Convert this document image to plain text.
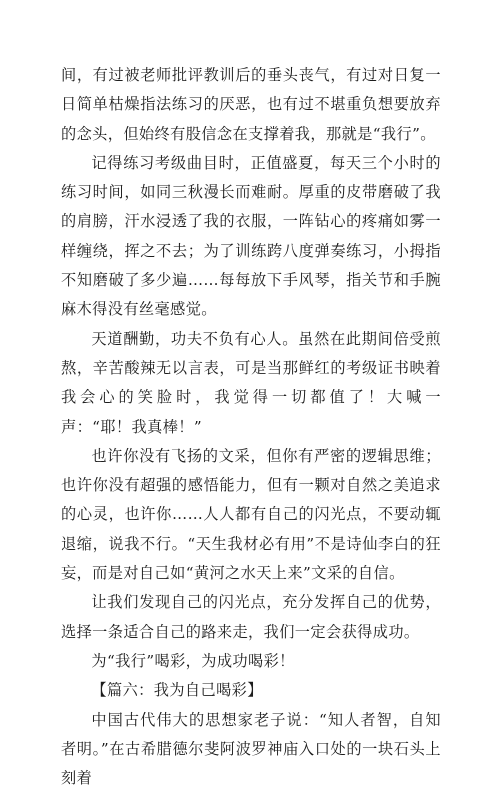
间，有过被老师批评教训后的垂头丧气，有过对日复一日简单枯燥指法练习的厌恶，也有过不堪重负想要放弃的念头，但始终有股信念在支撑着我，那就是“我行”。

记得练习考级曲目时，正值盛夏，每天三个小时的练习时间，如同三秋漫长而难耐。厚重的皮带磨破了我的肩膀，汗水浸透了我的衣服，一阵钻心的疼痛如雾一样缠绕，挥之不去；为了训练跨八度弹奏练习，小拇指不知磨破了多少遍……每每放下手风琴，指关节和手腕麻木得没有丝毫感觉。

天道酬勤，功夫不负有心人。虽然在此期间倍受煎熬，辛苦酸辣无以言表，可是当那鲜红的考级证书映着我会心的笑脸时，我觉得一切都值了！大喊一声：“耶！我真棒！”

也许你没有飞扬的文采，但你有严密的逻辑思维；也许你没有超强的感悟能力，但有一颗对自然之美追求的心灵，也许你……人人都有自己的闪光点，不要动辄退缩，说我不行。“天生我材必有用”不是诗仙李白的狂妄，而是对自己如“黄河之水天上来”文采的自信。

让我们发现自己的闪光点，充分发挥自己的优势，选择一条适合自己的路来走，我们一定会获得成功。

为“我行”喝彩，为成功喝彩！

【篇六：我为自己喝彩】

中国古代伟大的思想家老子说：“知人者智，自知者明。”在古希腊德尔斐阿波罗神庙入口处的一块石头上刻着
